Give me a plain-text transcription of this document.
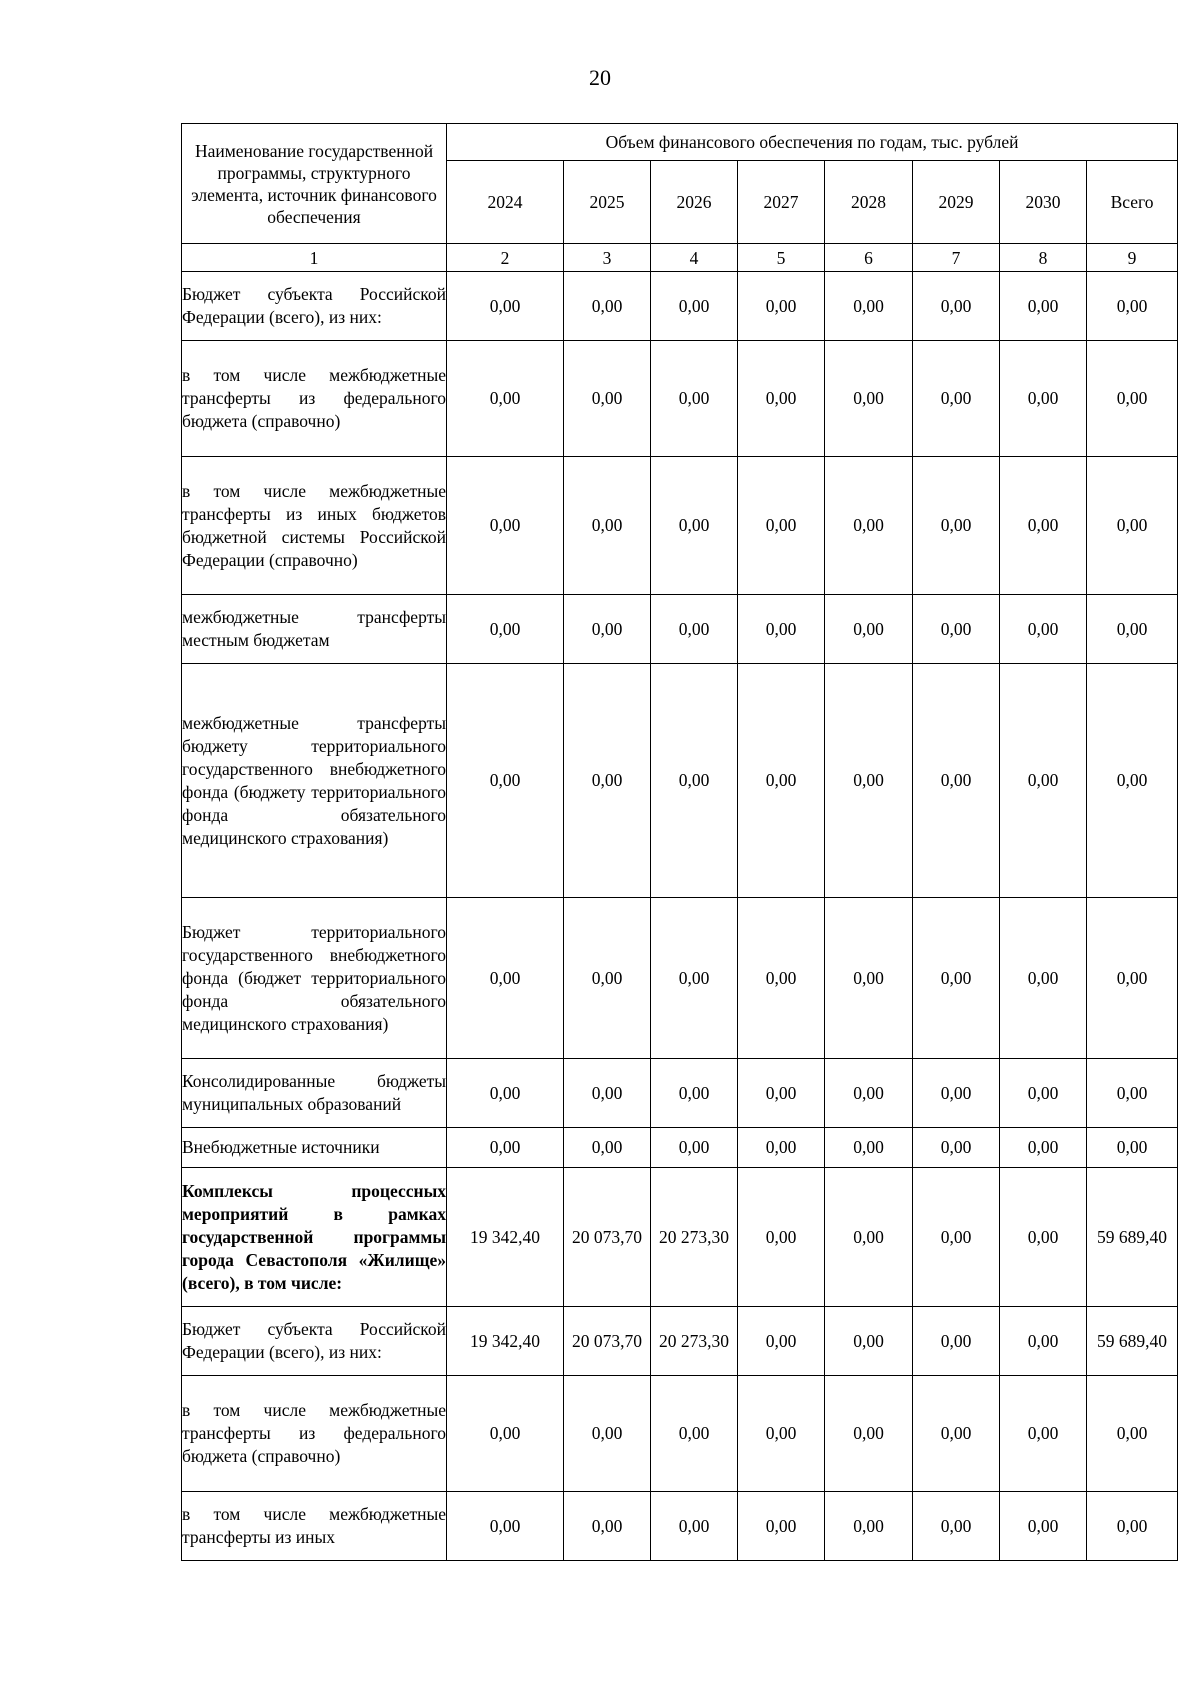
20
Наименование государственной программы, структурного элемента, источник финансового обеспечения	Объем финансового обеспечения по годам, тыс. рублей							
	2024	2025	2026	2027	2028	2029	2030	Всего
1	2	3	4	5	6	7	8	9
Бюджет субъекта Российской Федерации (всего), из них:	0,00	0,00	0,00	0,00	0,00	0,00	0,00	0,00
в том числе межбюджетные трансферты из федерального бюджета (справочно)	0,00	0,00	0,00	0,00	0,00	0,00	0,00	0,00
в том числе межбюджетные трансферты из иных бюджетов бюджетной системы Российской Федерации (справочно)	0,00	0,00	0,00	0,00	0,00	0,00	0,00	0,00
межбюджетные трансферты местным бюджетам	0,00	0,00	0,00	0,00	0,00	0,00	0,00	0,00
межбюджетные трансферты бюджету территориального государственного внебюджетного фонда (бюджету территориального фонда обязательного медицинского страхования)	0,00	0,00	0,00	0,00	0,00	0,00	0,00	0,00
Бюджет территориального государственного внебюджетного фонда (бюджет территориального фонда обязательного медицинского страхования)	0,00	0,00	0,00	0,00	0,00	0,00	0,00	0,00
Консолидированные бюджеты муниципальных образований	0,00	0,00	0,00	0,00	0,00	0,00	0,00	0,00
Внебюджетные источники	0,00	0,00	0,00	0,00	0,00	0,00	0,00	0,00
Комплексы процессных мероприятий в рамках государственной программы города Севастополя «Жилище» (всего), в том числе:	19 342,40	20 073,70	20 273,30	0,00	0,00	0,00	0,00	59 689,40
Бюджет субъекта Российской Федерации (всего), из них:	19 342,40	20 073,70	20 273,30	0,00	0,00	0,00	0,00	59 689,40
в том числе межбюджетные трансферты из федерального бюджета (справочно)	0,00	0,00	0,00	0,00	0,00	0,00	0,00	0,00
в том числе межбюджетные трансферты из иных	0,00	0,00	0,00	0,00	0,00	0,00	0,00	0,00
